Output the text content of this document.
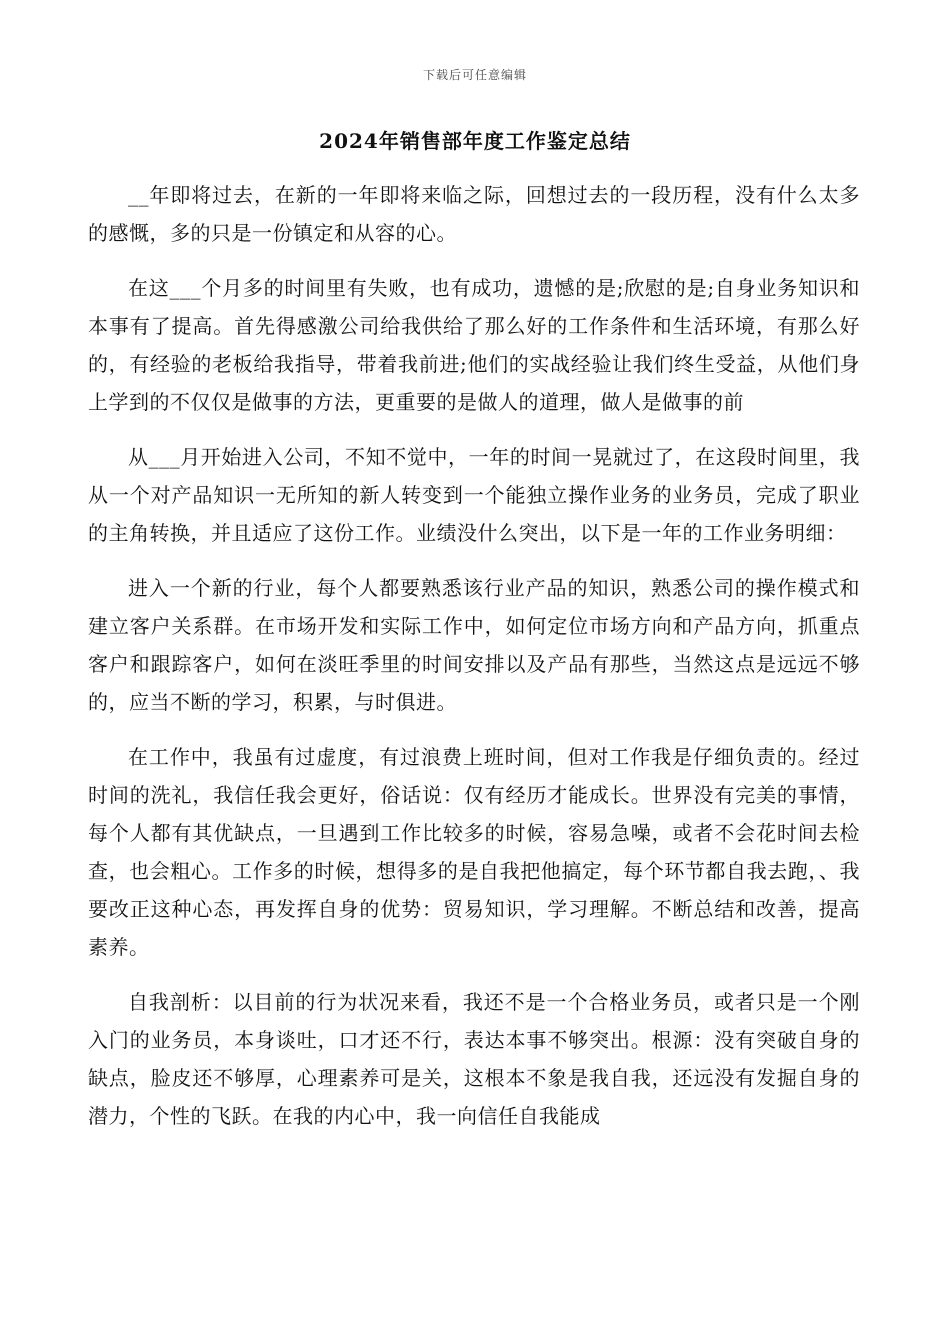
下载后可任意编辑
2024年销售部年度工作鉴定总结

__年即将过去，在新的一年即将来临之际，回想过去的一段历程，没有什么太多的感慨，多的只是一份镇定和从容的心。

在这___个月多的时间里有失败，也有成功，遗憾的是;欣慰的是;自身业务知识和本事有了提高。首先得感激公司给我供给了那么好的工作条件和生活环境，有那么好的，有经验的老板给我指导，带着我前进;他们的实战经验让我们终生受益，从他们身上学到的不仅仅是做事的方法，更重要的是做人的道理，做人是做事的前

从___月开始进入公司，不知不觉中，一年的时间一晃就过了，在这段时间里，我从一个对产品知识一无所知的新人转变到一个能独立操作业务的业务员，完成了职业的主角转换，并且适应了这份工作。业绩没什么突出，以下是一年的工作业务明细：

进入一个新的行业，每个人都要熟悉该行业产品的知识，熟悉公司的操作模式和建立客户关系群。在市场开发和实际工作中，如何定位市场方向和产品方向，抓重点客户和跟踪客户，如何在淡旺季里的时间安排以及产品有那些，当然这点是远远不够的，应当不断的学习，积累，与时俱进。

在工作中，我虽有过虚度，有过浪费上班时间，但对工作我是仔细负责的。经过时间的洗礼，我信任我会更好，俗话说：仅有经历才能成长。世界没有完美的事情，每个人都有其优缺点，一旦遇到工作比较多的时候，容易急噪，或者不会花时间去检查，也会粗心。工作多的时候，想得多的是自我把他搞定，每个环节都自我去跑，、我要改正这种心态，再发挥自身的优势：贸易知识，学习理解。不断总结和改善，提高素养。

自我剖析：以目前的行为状况来看，我还不是一个合格业务员，或者只是一个刚入门的业务员，本身谈吐，口才还不行，表达本事不够突出。根源：没有突破自身的缺点，脸皮还不够厚，心理素养可是关，这根本不象是我自我，还远没有发掘自身的潜力，个性的飞跃。在我的内心中，我一向信任自我能成
